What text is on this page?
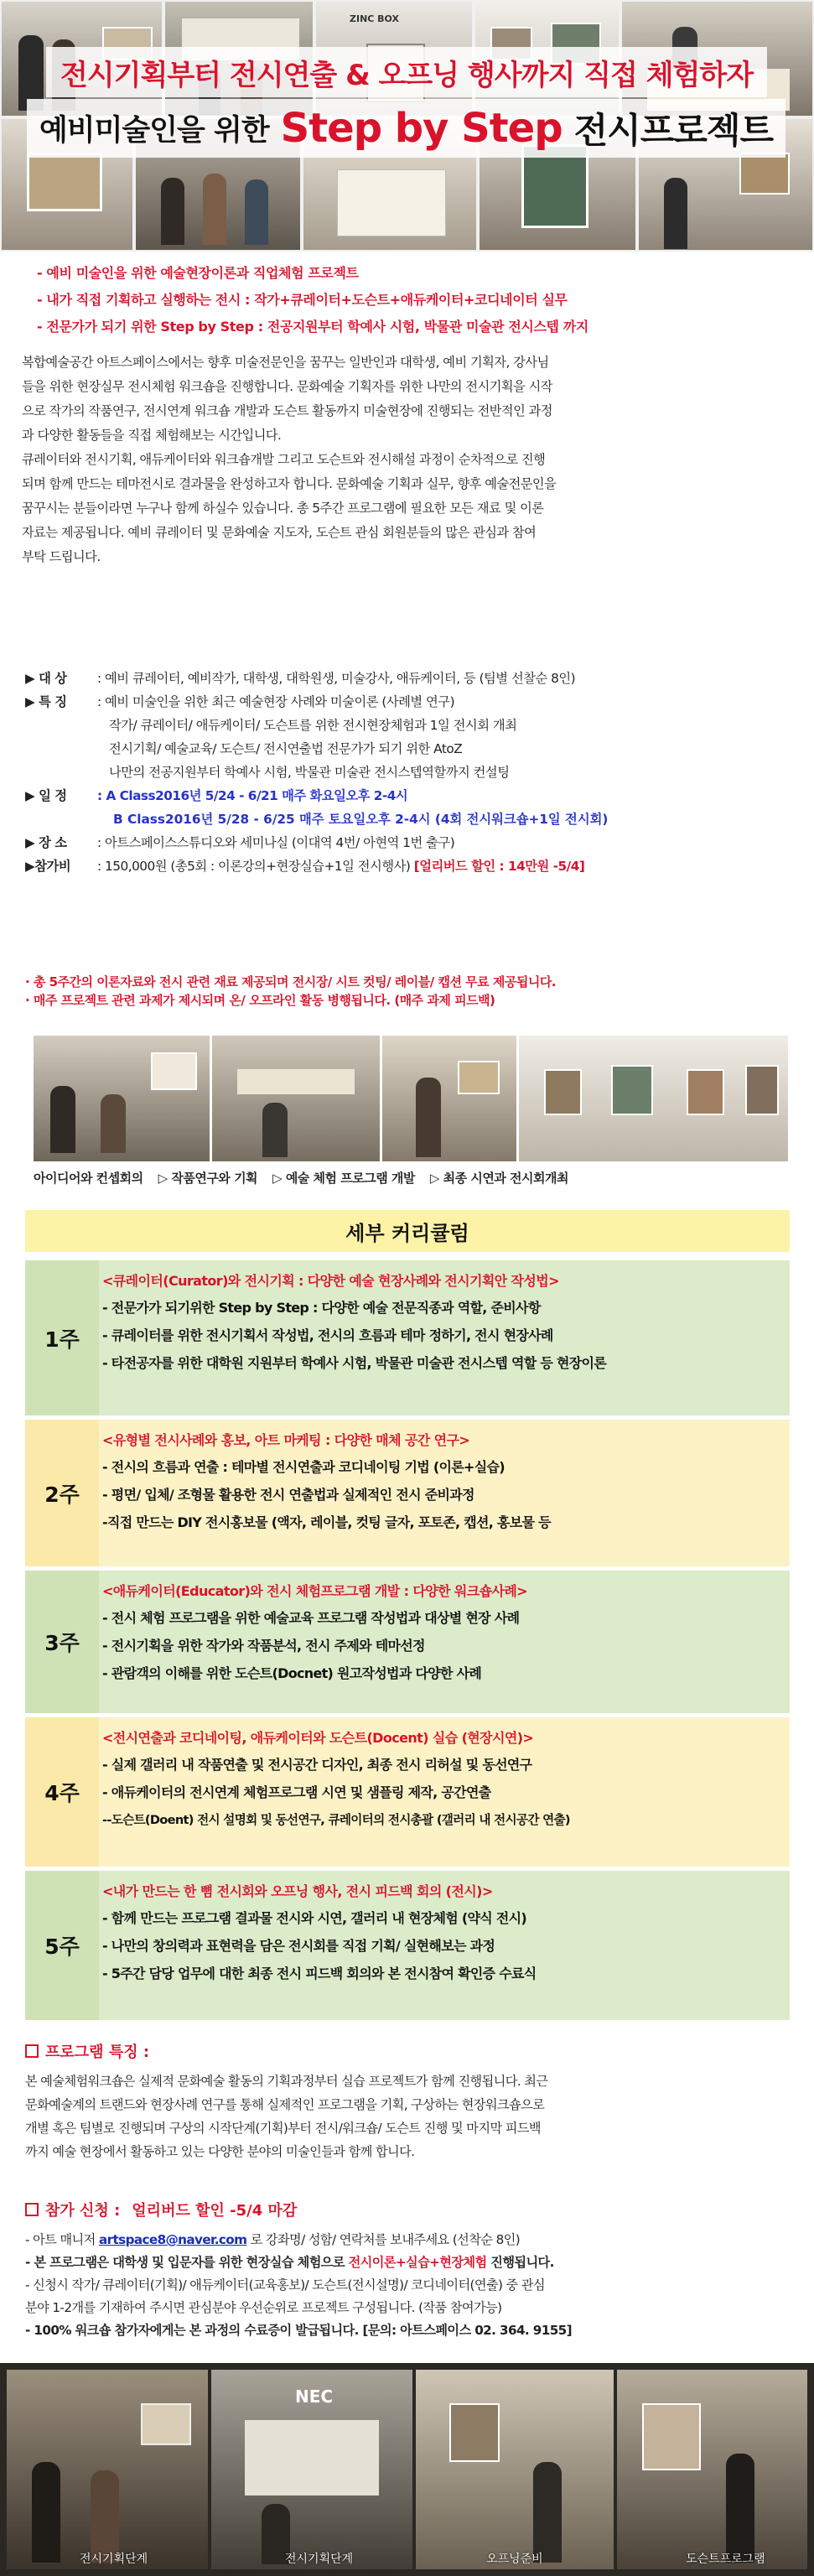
ZINC BOX
전시기획부터 전시연출 & 오프닝 행사까지 직접 체험하자
예비미술인을 위한 Step by Step 전시프로젝트
- 예비 미술인을 위한 예술현장이론과 직업체험 프로젝트
- 내가 직접 기획하고 실행하는 전시 : 작가+큐레이터+도슨트+애듀케이터+코디네이터 실무
- 전문가가 되기 위한 Step by Step : 전공지원부터 학예사 시험, 박물관 미술관 전시스텝 까지

복합예술공간 아트스페이스에서는 향후 미술전문인을 꿈꾸는 일반인과 대학생, 예비 기획자, 강사님

들을 위한 현장실무 전시체험 워크숍을 진행합니다. 문화예술 기획자를 위한 나만의 전시기획을 시작

으로 작가의 작품연구, 전시연계 워크숍 개발과 도슨트 활동까지 미술현장에 진행되는 전반적인 과정

과 다양한 활동들을 직접 체험해보는 시간입니다.

큐레이터와 전시기획, 애듀케이터와 워크숍개발 그리고 도슨트와 전시해설 과정이 순차적으로 진행

되며 함께 만드는 테마전시로 결과물을 완성하고자 합니다. 문화예술 기획과 실무, 향후 예술전문인을

꿈꾸시는 분들이라면 누구나 함께 하실수 있습니다. 총 5주간 프로그램에 필요한 모든 재료 및 이론

자료는 제공됩니다. 예비 큐레이터 및 문화예술 지도자, 도슨트 관심 회원분들의 많은 관심과 참여

부탁 드립니다.

▶ 대 상	: 예비 큐레이터, 예비작가, 대학생, 대학원생, 미술강사, 애듀케이터, 등 (팀별 선찰순 8인)
▶ 특 징	: 예비 미술인을 위한 최근 예술현장 사례와 미술이론 (사례별 연구)
작가/ 큐레이터/ 애듀케이터/ 도슨트를 위한 전시현장체험과 1일 전시회 개최
전시기획/ 예술교육/ 도슨트/ 전시연출법 전문가가 되기 위한 AtoZ
나만의 전공지원부터 학예사 시험, 박물관 미술관 전시스텝역할까지 컨설팅
▶ 일 정	: A Class2016년 5/24 - 6/21 매주 화요일오후 2-4시
B Class2016년 5/28 - 6/25 매주 토요일오후 2-4시 (4회 전시워크숍+1일 전시회)
▶ 장 소	: 아트스페이스스튜디오와 세미나실 (이대역 4번/ 아현역 1번 출구)
▶참가비	: 150,000원 (총5회 : 이론강의+현장실습+1일 전시행사) [얼리버드 할인 : 14만원 -5/4]
· 총 5주간의 이론자료와 전시 관련 재료 제공되며 전시장/ 시트 컷팅/ 레이블/ 캡션 무료 제공됩니다.
· 매주 프로젝트 관련 과제가 제시되며 온/ 오프라인 활동 병행됩니다. (매주 과제 피드백)
아이디어와 컨셉회의 ▷ 작품연구와 기획 ▷ 예술 체험 프로그램 개발 ▷ 최종 시연과 전시회개최
세부 커리큘럼
1주
<큐레이터(Curator)와 전시기획 : 다양한 예술 현장사례와 전시기획안 작성법>
- 전문가가 되기위한 Step by Step : 다양한 예술 전문직종과 역할, 준비사항
- 큐레이터를 위한 전시기획서 작성법, 전시의 흐름과 테마 정하기, 전시 현장사례
- 타전공자를 위한 대학원 지원부터 학예사 시험, 박물관 미술관 전시스텝 역할 등 현장이론
2주
<유형별 전시사례와 홍보, 아트 마케팅 : 다양한 매체 공간 연구>
- 전시의 흐름과 연출 : 테마별 전시연출과 코디네이팅 기법 (이론+실습)
- 평면/ 입체/ 조형물 활용한 전시 연출법과 실제적인 전시 준비과정
-직접 만드는 DIY 전시홍보물 (액자, 레이블, 컷팅 글자, 포토존, 캡션, 홍보물 등
3주
<애듀케이터(Educator)와 전시 체험프로그램 개발 : 다양한 워크숍사례>
- 전시 체험 프로그램을 위한 예술교육 프로그램 작성법과 대상별 현장 사례
- 전시기획을 위한 작가와 작품분석, 전시 주제와 테마선정
- 관람객의 이해를 위한 도슨트(Docnet) 원고작성법과 다양한 사례
4주
<전시연출과 코디네이팅, 애듀케이터와 도슨트(Docent) 실습 (현장시연)>
- 실제 갤러리 내 작품연출 및 전시공간 디자인, 최종 전시 리허설 및 동선연구
- 애듀케이터의 전시연계 체험프로그램 시연 및 샘플링 제작, 공간연출
--도슨트(Doent) 전시 설명회 및 동선연구, 큐레이터의 전시총괄 (갤러리 내 전시공간 연출)
5주
<내가 만드는 한 뼘 전시회와 오프닝 행사, 전시 피드백 회의 (전시)>
- 함께 만드는 프로그램 결과물 전시와 시연, 갤러리 내 현장체험 (약식 전시)
- 나만의 창의력과 표현력을 담은 전시회를 직접 기획/ 실현해보는 과정
- 5주간 담당 업무에 대한 최종 전시 피드백 회의와 본 전시참여 확인증 수료식
프로그램 특징 :

본 예술체험워크숍은 실제적 문화예술 활동의 기획과정부터 실습 프로젝트가 함께 진행됩니다. 최근

문화예술계의 트랜드와 현장사례 연구를 통해 실제적인 프로그램을 기획, 구상하는 현장워크숍으로

개별 혹은 팀별로 진행되며 구상의 시작단계(기획)부터 전시/워크숍/ 도슨트 진행 및 마지막 피드백

까지 예술 현장에서 활동하고 있는 다양한 분야의 미술인들과 함께 합니다.

참가 신청 : 얼리버드 할인 -5/4 마감
- 아트 매니저 artspace8@naver.com 로 강좌명/ 성함/ 연락처를 보내주세요 (선착순 8인)
- 본 프로그램은 대학생 및 입문자를 위한 현장실습 체험으로 전시이론+실습+현장체험 진행됩니다.
- 신청시 작가/ 큐레이터(기획)/ 애듀케이터(교육홍보)/ 도슨트(전시설명)/ 코디네이터(연출) 중 관심
분야 1-2개를 기재하여 주시면 관심분야 우선순위로 프로젝트 구성됩니다. (작품 참여가능)
- 100% 워크숍 참가자에게는 본 과정의 수료증이 발급됩니다. [문의: 아트스페이스 02. 364. 9155]
NEC
전시기획단계	전시기획단계	오프닝준비	도슨트프로그램
